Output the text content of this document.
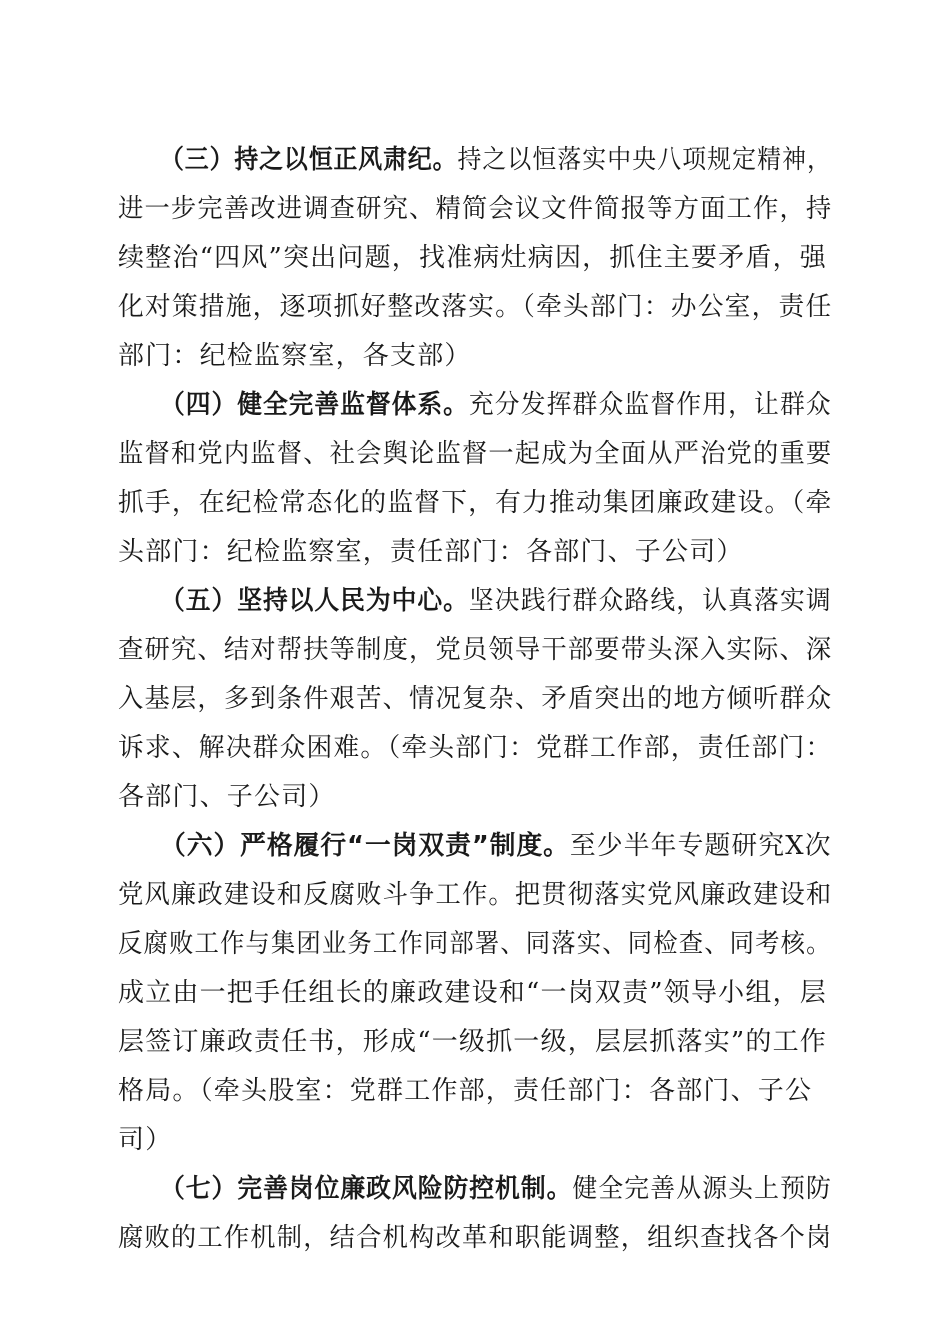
（三）持之以恒正风肃纪。持之以恒落实中央八项规定精神，
进一步完善改进调查研究、精简会议文件简报等方面工作，持
续整治“四风”突出问题，找准病灶病因，抓住主要矛盾，强
化对策措施，逐项抓好整改落实。（牵头部门：办公室，责任
部门：纪检监察室，各支部）
（四）健全完善监督体系。充分发挥群众监督作用，让群众
监督和党内监督、社会舆论监督一起成为全面从严治党的重要
抓手，在纪检常态化的监督下，有力推动集团廉政建设。（牵
头部门：纪检监察室，责任部门：各部门、子公司）
（五）坚持以人民为中心。坚决践行群众路线，认真落实调
查研究、结对帮扶等制度，党员领导干部要带头深入实际、深
入基层，多到条件艰苦、情况复杂、矛盾突出的地方倾听群众
诉求、解决群众困难。（牵头部门：党群工作部，责任部门：
各部门、子公司）
（六）严格履行“一岗双责”制度。至少半年专题研究X次
党风廉政建设和反腐败斗争工作。把贯彻落实党风廉政建设和
反腐败工作与集团业务工作同部署、同落实、同检查、同考核。
成立由一把手任组长的廉政建设和“一岗双责”领导小组，层
层签订廉政责任书，形成“一级抓一级，层层抓落实”的工作
格局。（牵头股室：党群工作部，责任部门：各部门、子公
司）
（七）完善岗位廉政风险防控机制。健全完善从源头上预防
腐败的工作机制，结合机构改革和职能调整，组织查找各个岗
